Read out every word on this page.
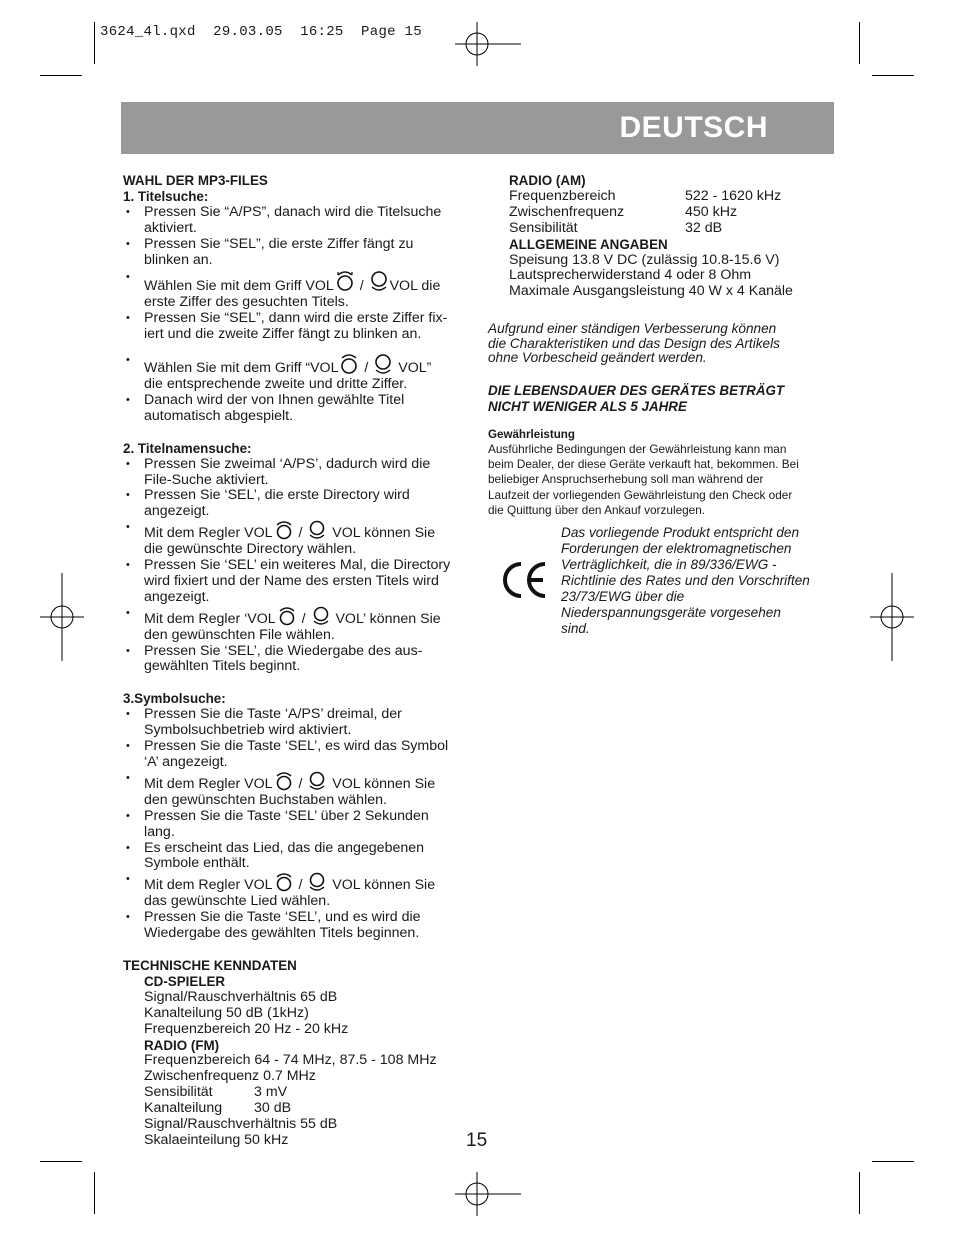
3624_4l.qxd  29.03.05  16:25  Page 15
DEUTSCH
WAHL DER MP3-FILES
1. Titelsuche:
• Pressen Sie “A/PS”, danach wird die Titelsuche
aktiviert.
• Pressen Sie “SEL”, die erste Ziffer fängt zu
blinken an.
• Wählen Sie mit dem Griff VOL / VOL die
erste Ziffer des gesuchten Titels.
• Pressen Sie “SEL”, dann wird die erste Ziffer fix-
iert und die zweite Ziffer fängt zu blinken an.
• Wählen Sie mit dem Griff “VOL /  VOL”
die entsprechende zweite und dritte Ziffer.
• Danach wird der von Ihnen gewählte Titel
automatisch abgespielt.
2. Titelnamensuche:
• Pressen Sie zweimal ‘A/PS’, dadurch wird die
File-Suche aktiviert.
• Pressen Sie ‘SEL’, die erste Directory wird
angezeigt.
• Mit dem Regler VOL /  VOL können Sie
die gewünschte Directory wählen.
• Pressen Sie ‘SEL’ ein weiteres Mal, die Directory
wird fixiert und der Name des ersten Titels wird
angezeigt.
• Mit dem Regler ‘VOL /  VOL’ können Sie
den gewünschten File wählen.
• Pressen Sie ‘SEL’, die Wiedergabe des aus-
gewählten Titels beginnt.
3.Symbolsuche:
• Pressen Sie die Taste ‘A/PS’ dreimal, der
Symbolsuchbetrieb wird aktiviert.
• Pressen Sie die Taste ‘SEL’, es wird das Symbol
‘A’ angezeigt.
• Mit dem Regler VOL /  VOL können Sie
den gewünschten Buchstaben wählen.
• Pressen Sie die Taste ‘SEL’ über 2 Sekunden
lang.
• Es erscheint das Lied, das die angegebenen
Symbole enthält.
• Mit dem Regler VOL /  VOL können Sie
das gewünschte Lied wählen.
• Pressen Sie die Taste ‘SEL’, und es wird die
Wiedergabe des gewählten Titels beginnen.
TECHNISCHE KENNDATEN
CD-SPIELER
Signal/Rauschverhältnis 65 dB
Kanalteilung 50 dB (1kHz)
Frequenzbereich 20 Hz - 20 kHz
RADIO (FM)
Frequenzbereich 64 - 74 MHz, 87.5 - 108 MHz
Zwischenfrequenz 0.7 MHz
Sensibilität	3 mV
Kanalteilung 30 dB
Signal/Rauschverhältnis 55 dB
Skalaeinteilung 50 kHz
RADIO (AM)
Frequenzbereich	522 - 1620 kHz
Zwischenfrequenz	450 kHz
Sensibilität	32 dB
ALLGEMEINE ANGABEN
Speisung 13.8 V DC (zulässig 10.8-15.6 V)
Lautsprecherwiderstand 4 oder 8 Ohm
Maximale Ausgangsleistung 40 W x 4 Kanäle
Aufgrund einer ständigen Verbesserung können
die Charakteristiken und das Design des Artikels
ohne Vorbescheid geändert werden.
DIE LEBENSDAUER DES GERÄTES BETRÄGT
NICHT WENIGER ALS 5 JAHRE
Gewährleistung
Ausführliche Bedingungen der Gewährleistung kann man
beim Dealer, der diese Geräte verkauft hat, bekommen. Bei
beliebiger Anspruchserhebung soll man während der
Laufzeit der vorliegenden Gewährleistung den Check oder
die Quittung über den Ankauf vorzulegen.
Das vorliegende Produkt entspricht den
Forderungen der elektromagnetischen
Verträglichkeit, die in 89/336/EWG -
Richtlinie des Rates und den Vorschriften
23/73/EWG über die
Niederspannungsgeräte vorgesehen
sind.
15
